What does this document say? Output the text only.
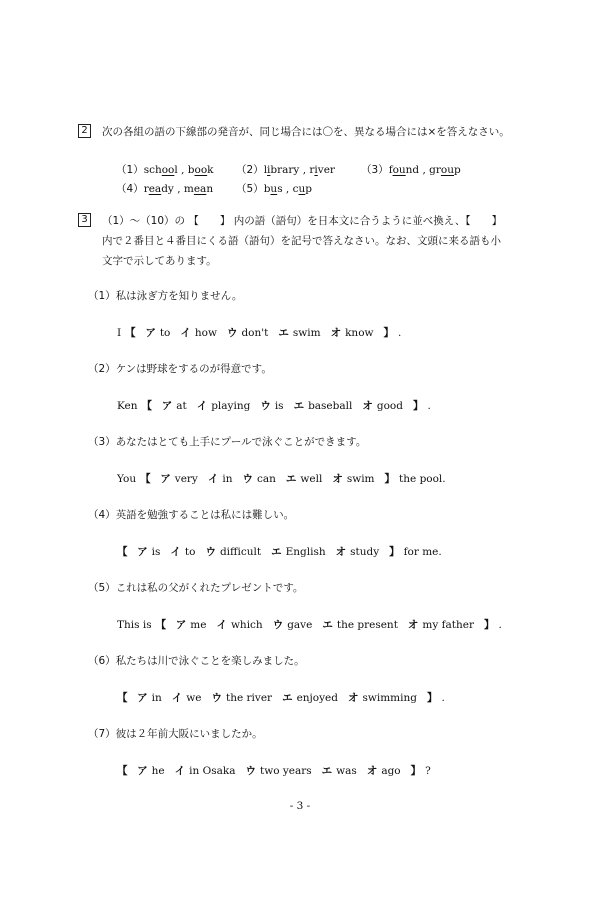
2	次の各組の語の下線部の発音が、同じ場合には〇を、異なる場合には×を答えなさい。
（1）school , book （2）library , river （3）found , group
（4）ready , mean （5）bus , cup
3	（1）～（10）の 【　　】 内の語（語句）を日本文に合うように並べ換え、【　　】
内で２番目と４番目にくる語（語句）を記号で答えなさい。なお、文頭に来る語も小
文字で示してあります。
（1）私は泳ぎ方を知りません。
I 【 ア to イ how ウ don't エ swim オ know 】 .
（2）ケンは野球をするのが得意です。
Ken 【 ア at イ playing ウ is エ baseball オ good 】 .
（3）あなたはとても上手にプールで泳ぐことができます。
You 【 ア very イ in ウ can エ well オ swim 】 the pool.
（4）英語を勉強することは私には難しい。
【 ア is イ to ウ difficult エ English オ study 】 for me.
（5）これは私の父がくれたプレゼントです。
This is 【 ア me イ which ウ gave エ the present オ my father 】 .
（6）私たちは川で泳ぐことを楽しみました。
【 ア in イ we ウ the river エ enjoyed オ swimming 】 .
（7）彼は２年前大阪にいましたか。
【 ア he イ in Osaka ウ two years エ was オ ago 】 ?
- 3 -
